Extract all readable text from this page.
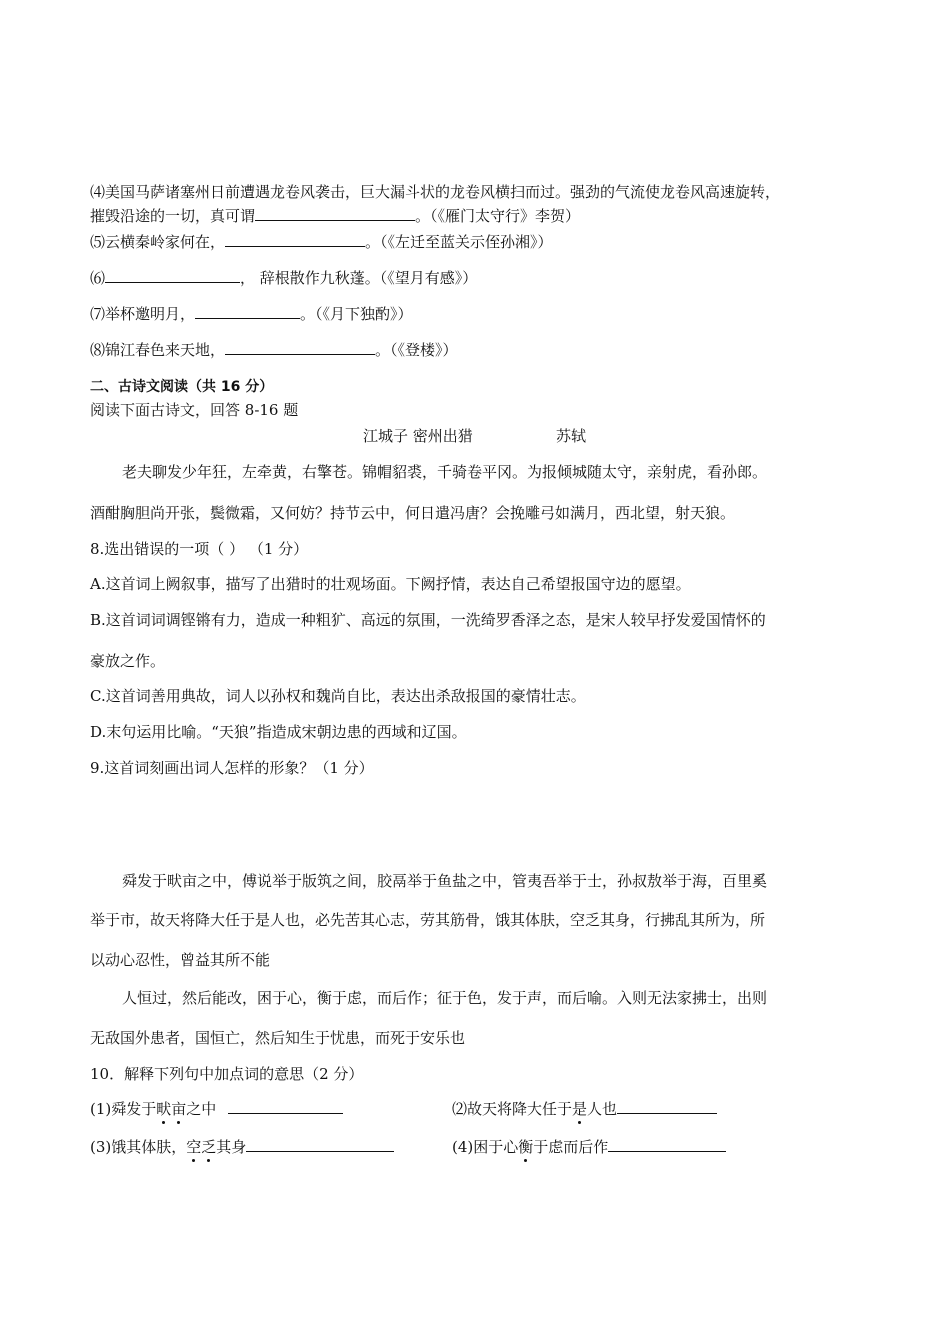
⑷美国马萨诸塞州日前遭遇龙卷风袭击，巨大漏斗状的龙卷风横扫而过。强劲的气流使龙卷风高速旋转，
摧毁沿途的一切，真可谓	。（《雁门太守行》李贺）
⑸云横秦岭家何在，	。（《左迁至蓝关示侄孙湘》）
⑹	， 辞根散作九秋蓬。（《望月有感》）
⑺举杯邀明月，	。（《月下独酌》）
⑻锦江春色来天地，	。（《登楼》）
二、古诗文阅读（共 16 分）
阅读下面古诗文，回答 8-16 题
江城子 密州出猎	苏轼
老夫聊发少年狂，左牵黄，右擎苍。锦帽貂裘，千骑卷平冈。为报倾城随太守，亲射虎，看孙郎。
酒酣胸胆尚开张，鬓微霜，又何妨？持节云中，何日遣冯唐？会挽雕弓如满月，西北望，射天狼。
8.选出错误的一项（ ） （1 分）
A.这首词上阙叙事，描写了出猎时的壮观场面。下阙抒情，表达自己希望报国守边的愿望。
B.这首词词调铿锵有力，造成一种粗犷、高远的氛围，一洗绮罗香泽之态，是宋人较早抒发爱国情怀的
豪放之作。
C.这首词善用典故，词人以孙权和魏尚自比，表达出杀敌报国的豪情壮志。
D.末句运用比喻。“天狼”指造成宋朝边患的西域和辽国。
9.这首词刻画出词人怎样的形象？（1 分）
舜发于畎亩之中，傅说举于版筑之间，胶鬲举于鱼盐之中，管夷吾举于士，孙叔敖举于海，百里奚
举于市，故天将降大任于是人也，必先苦其心志，劳其筋骨，饿其体肤，空乏其身，行拂乱其所为，所
以动心忍性，曾益其所不能
人恒过，然后能改，困于心，衡于虑，而后作；征于色，发于声，而后喻。入则无法家拂士，出则
无敌国外患者，国恒亡，然后知生于忧患，而死于安乐也
10．解释下列句中加点词的意思（2 分）
(1)舜发于畎亩之中	⑵故天将降大任于是人也
(3)饿其体肤，空乏其身	(4)困于心衡于虑而后作
